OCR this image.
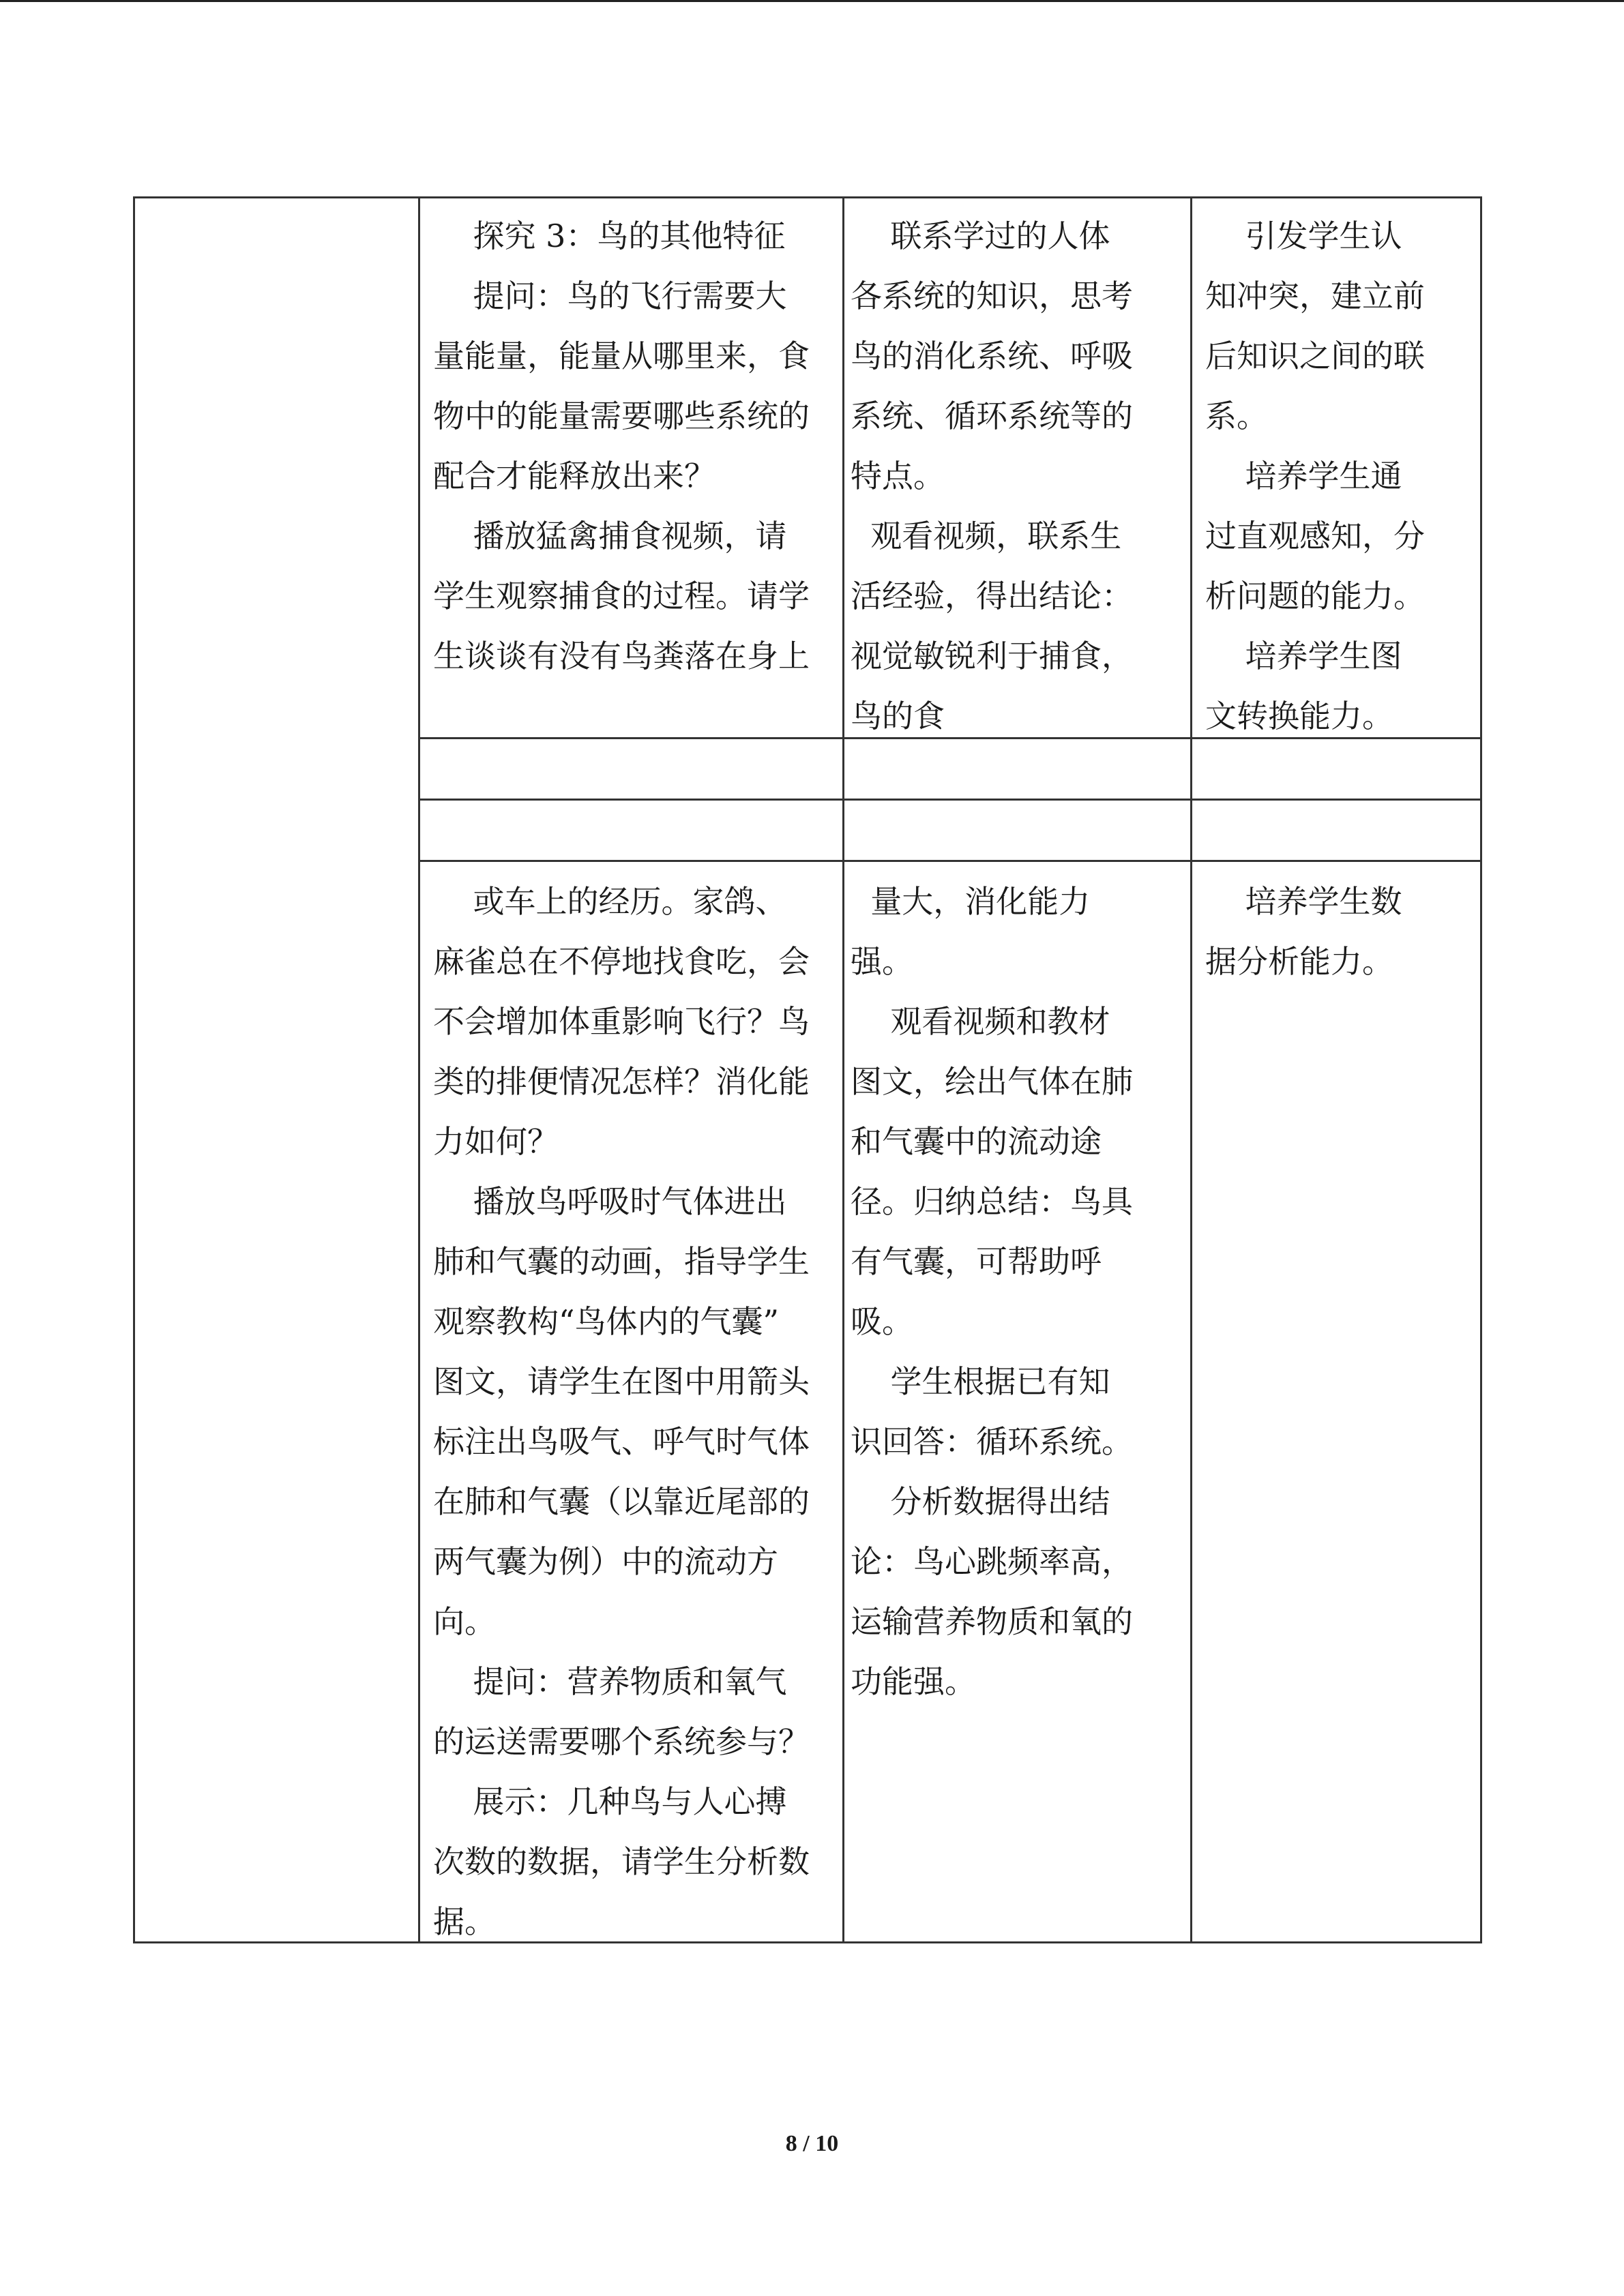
探究 3：鸟的其他特征

提问：鸟的飞行需要大

量能量，能量从哪里来，食

物中的能量需要哪些系统的

配合才能释放出来？

播放猛禽捕食视频，请

学生观察捕食的过程。请学

生谈谈有没有鸟粪落在身上

联系学过的人体

各系统的知识，思考

鸟的消化系统、呼吸

系统、循环系统等的

特点。

观看视频，联系生

活经验，得出结论：

视觉敏锐利于捕食，

鸟的食

引发学生认

知冲突，建立前

后知识之间的联

系。

培养学生通

过直观感知，分

析问题的能力。

培养学生图

文转换能力。

或车上的经历。家鸽、

麻雀总在不停地找食吃，会

不会增加体重影响飞行？鸟

类的排便情况怎样？消化能

力如何？

播放鸟呼吸时气体进出

肺和气囊的动画，指导学生

观察教构“鸟体内的气囊”

图文，请学生在图中用箭头

标注出鸟吸气、呼气时气体

在肺和气囊（以靠近尾部的

两气囊为例）中的流动方

向。

提问：营养物质和氧气

的运送需要哪个系统参与？

展示：几种鸟与人心搏

次数的数据，请学生分析数

据。

量大，消化能力

强。

观看视频和教材

图文，绘出气体在肺

和气囊中的流动途

径。归纳总结：鸟具

有气囊，可帮助呼

吸。

学生根据已有知

识回答：循环系统。

分析数据得出结

论：鸟心跳频率高，

运输营养物质和氧的

功能强。

培养学生数

据分析能力。

8 / 10
